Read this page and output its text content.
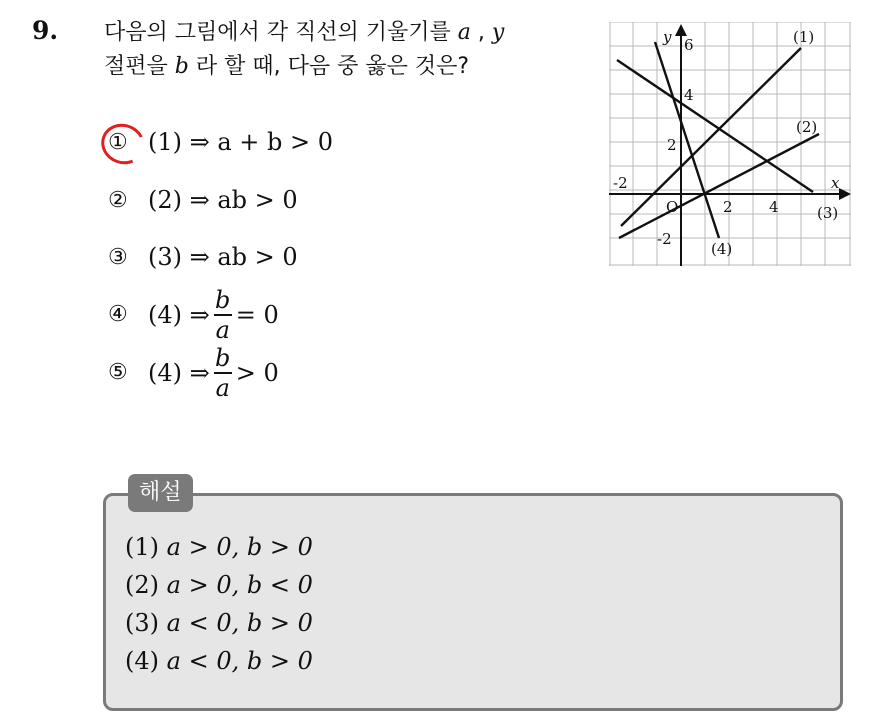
9. 다음의 그림에서 각 직선의 기울기를 a , y
절편을 b 라 할 때, 다음 중 옳은 것은?
① (1) ⇒ a + b > 0
② (2) ⇒ ab > 0
③ (3) ⇒ ab > 0
④ (4) ⇒ $\frac{b}{a} = 0$
⑤ (4) ⇒ $\frac{b}{a} > 0$
y
x
O
-2
2 4
6
4
2
-2
(1)
(2)
(3)
(4)
해설
(1) a > 0, b > 0
(2) a > 0, b < 0
(3) a < 0, b > 0
(4) a < 0, b > 0
